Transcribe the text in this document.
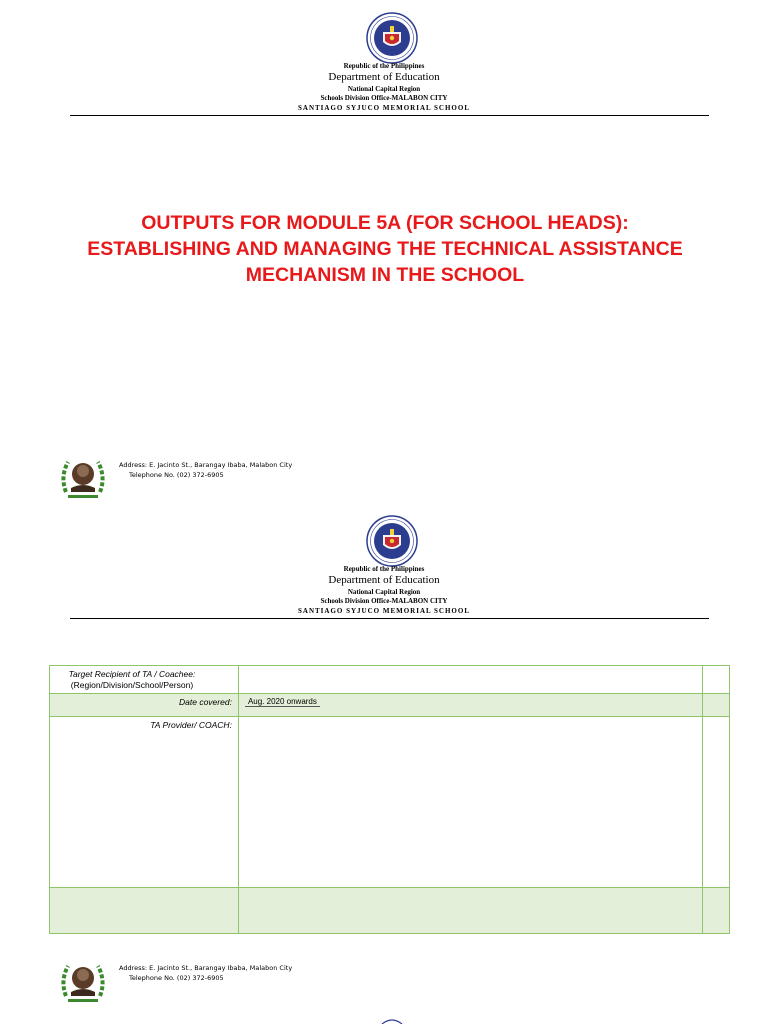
Republic of the Philippines
Department of Education
National Capital Region
Schools Division Office-MALABON CITY
SANTIAGO SYJUCO MEMORIAL SCHOOL
OUTPUTS FOR MODULE 5A (FOR SCHOOL HEADS):
ESTABLISHING AND MANAGING THE TECHNICAL ASSISTANCE
MECHANISM IN THE SCHOOL
Address: E. Jacinto St., Barangay Ibaba, Malabon City
Telephone No. (02) 372-6905
Republic of the Philippines
Department of Education
National Capital Region
Schools Division Office-MALABON CITY
SANTIAGO SYJUCO MEMORIAL SCHOOL
Target Recipient of TA / Coachee:
(Region/Division/School/Person)		

Date covered:	Aug. 2020 onwards	
TA Provider/ COACH:		

Address: E. Jacinto St., Barangay Ibaba, Malabon City
Telephone No. (02) 372-6905
